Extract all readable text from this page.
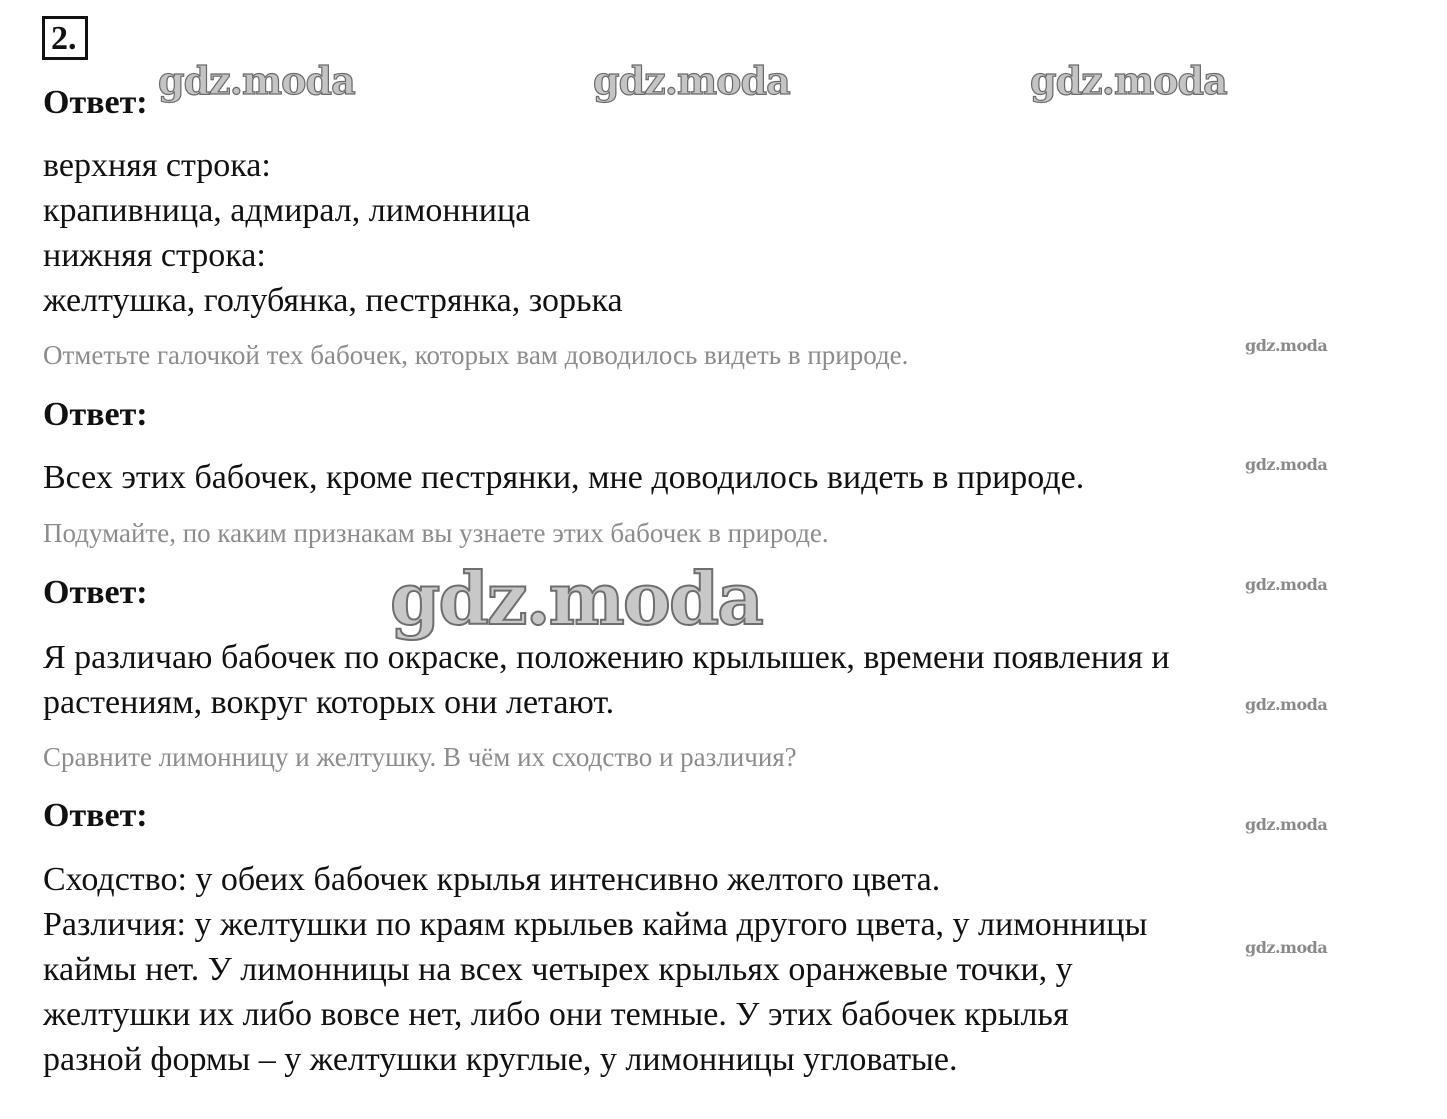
2.
gdz.moda	gdz.moda	gdz.moda
Ответ:
верхняя строка:
крапивница, адмирал, лимонница
нижняя строка:
желтушка, голубянка, пестрянка, зорька
Отметьте галочкой тех бабочек, которых вам доводилось видеть в природе.	gdz.moda
Ответ:
Всех этих бабочек, кроме пестрянки, мне доводилось видеть в природе.	gdz.moda
Подумайте, по каким признакам вы узнаете этих бабочек в природе.
Ответ:	gdz.moda
gdz.moda
Я различаю бабочек по окраске, положению крылышек, времени появления и
растениям, вокруг которых они летают.	gdz.moda
Сравните лимонницу и желтушку. В чём их сходство и различия?
Ответ:	gdz.moda
Сходство: у обеих бабочек крылья интенсивно желтого цвета.
Различия: у желтушки по краям крыльев кайма другого цвета, у лимонницы
каймы нет. У лимонницы на всех четырех крыльях оранжевые точки, у
желтушки их либо вовсе нет, либо они темные. У этих бабочек крылья
разной формы – у желтушки круглые, у лимонницы угловатые.
gdz.moda
